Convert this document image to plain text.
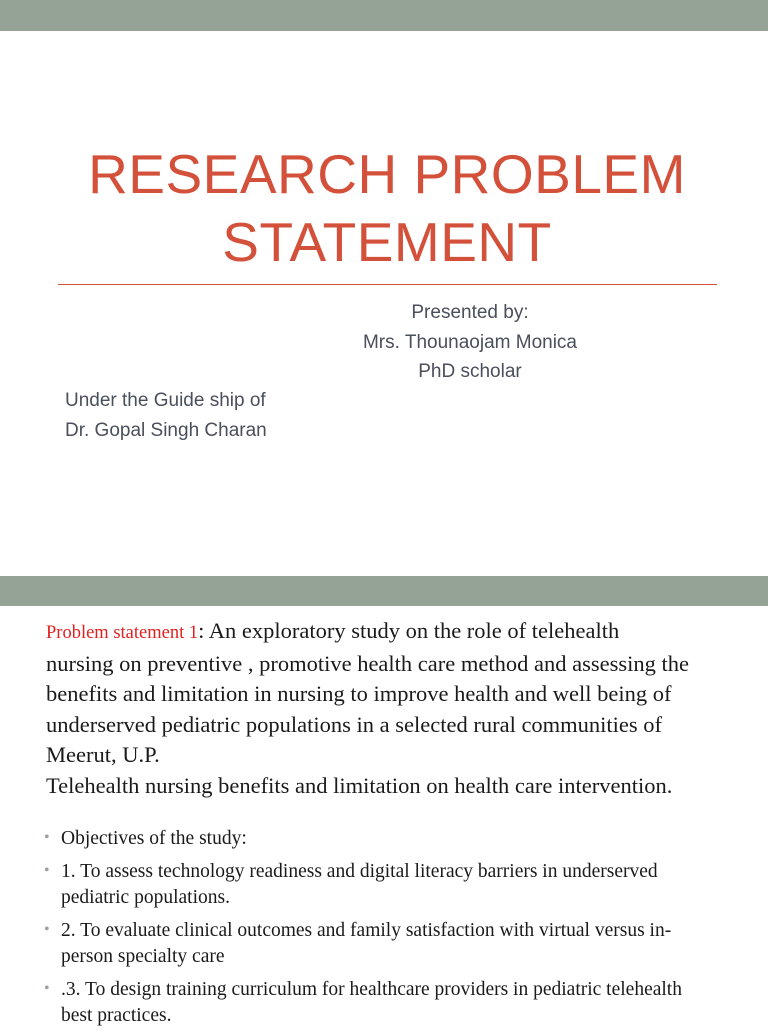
RESEARCH PROBLEM
STATEMENT
Presented by:
Mrs. Thounaojam Monica
PhD scholar
Under the Guide ship of
Dr. Gopal Singh Charan
Problem statement 1: An exploratory study on the role of telehealth
nursing on preventive , promotive health care method and assessing the
benefits and limitation in nursing to improve health and well being of
underserved pediatric populations in a selected rural communities of
Meerut, U.P.
Telehealth nursing benefits and limitation on health care intervention.
• Objectives of the study:
• 1. To assess technology readiness and digital literacy barriers in underserved
pediatric populations.
• 2. To evaluate clinical outcomes and family satisfaction with virtual versus in-
person specialty care
• .3. To design training curriculum for healthcare providers in pediatric telehealth
best practices.
